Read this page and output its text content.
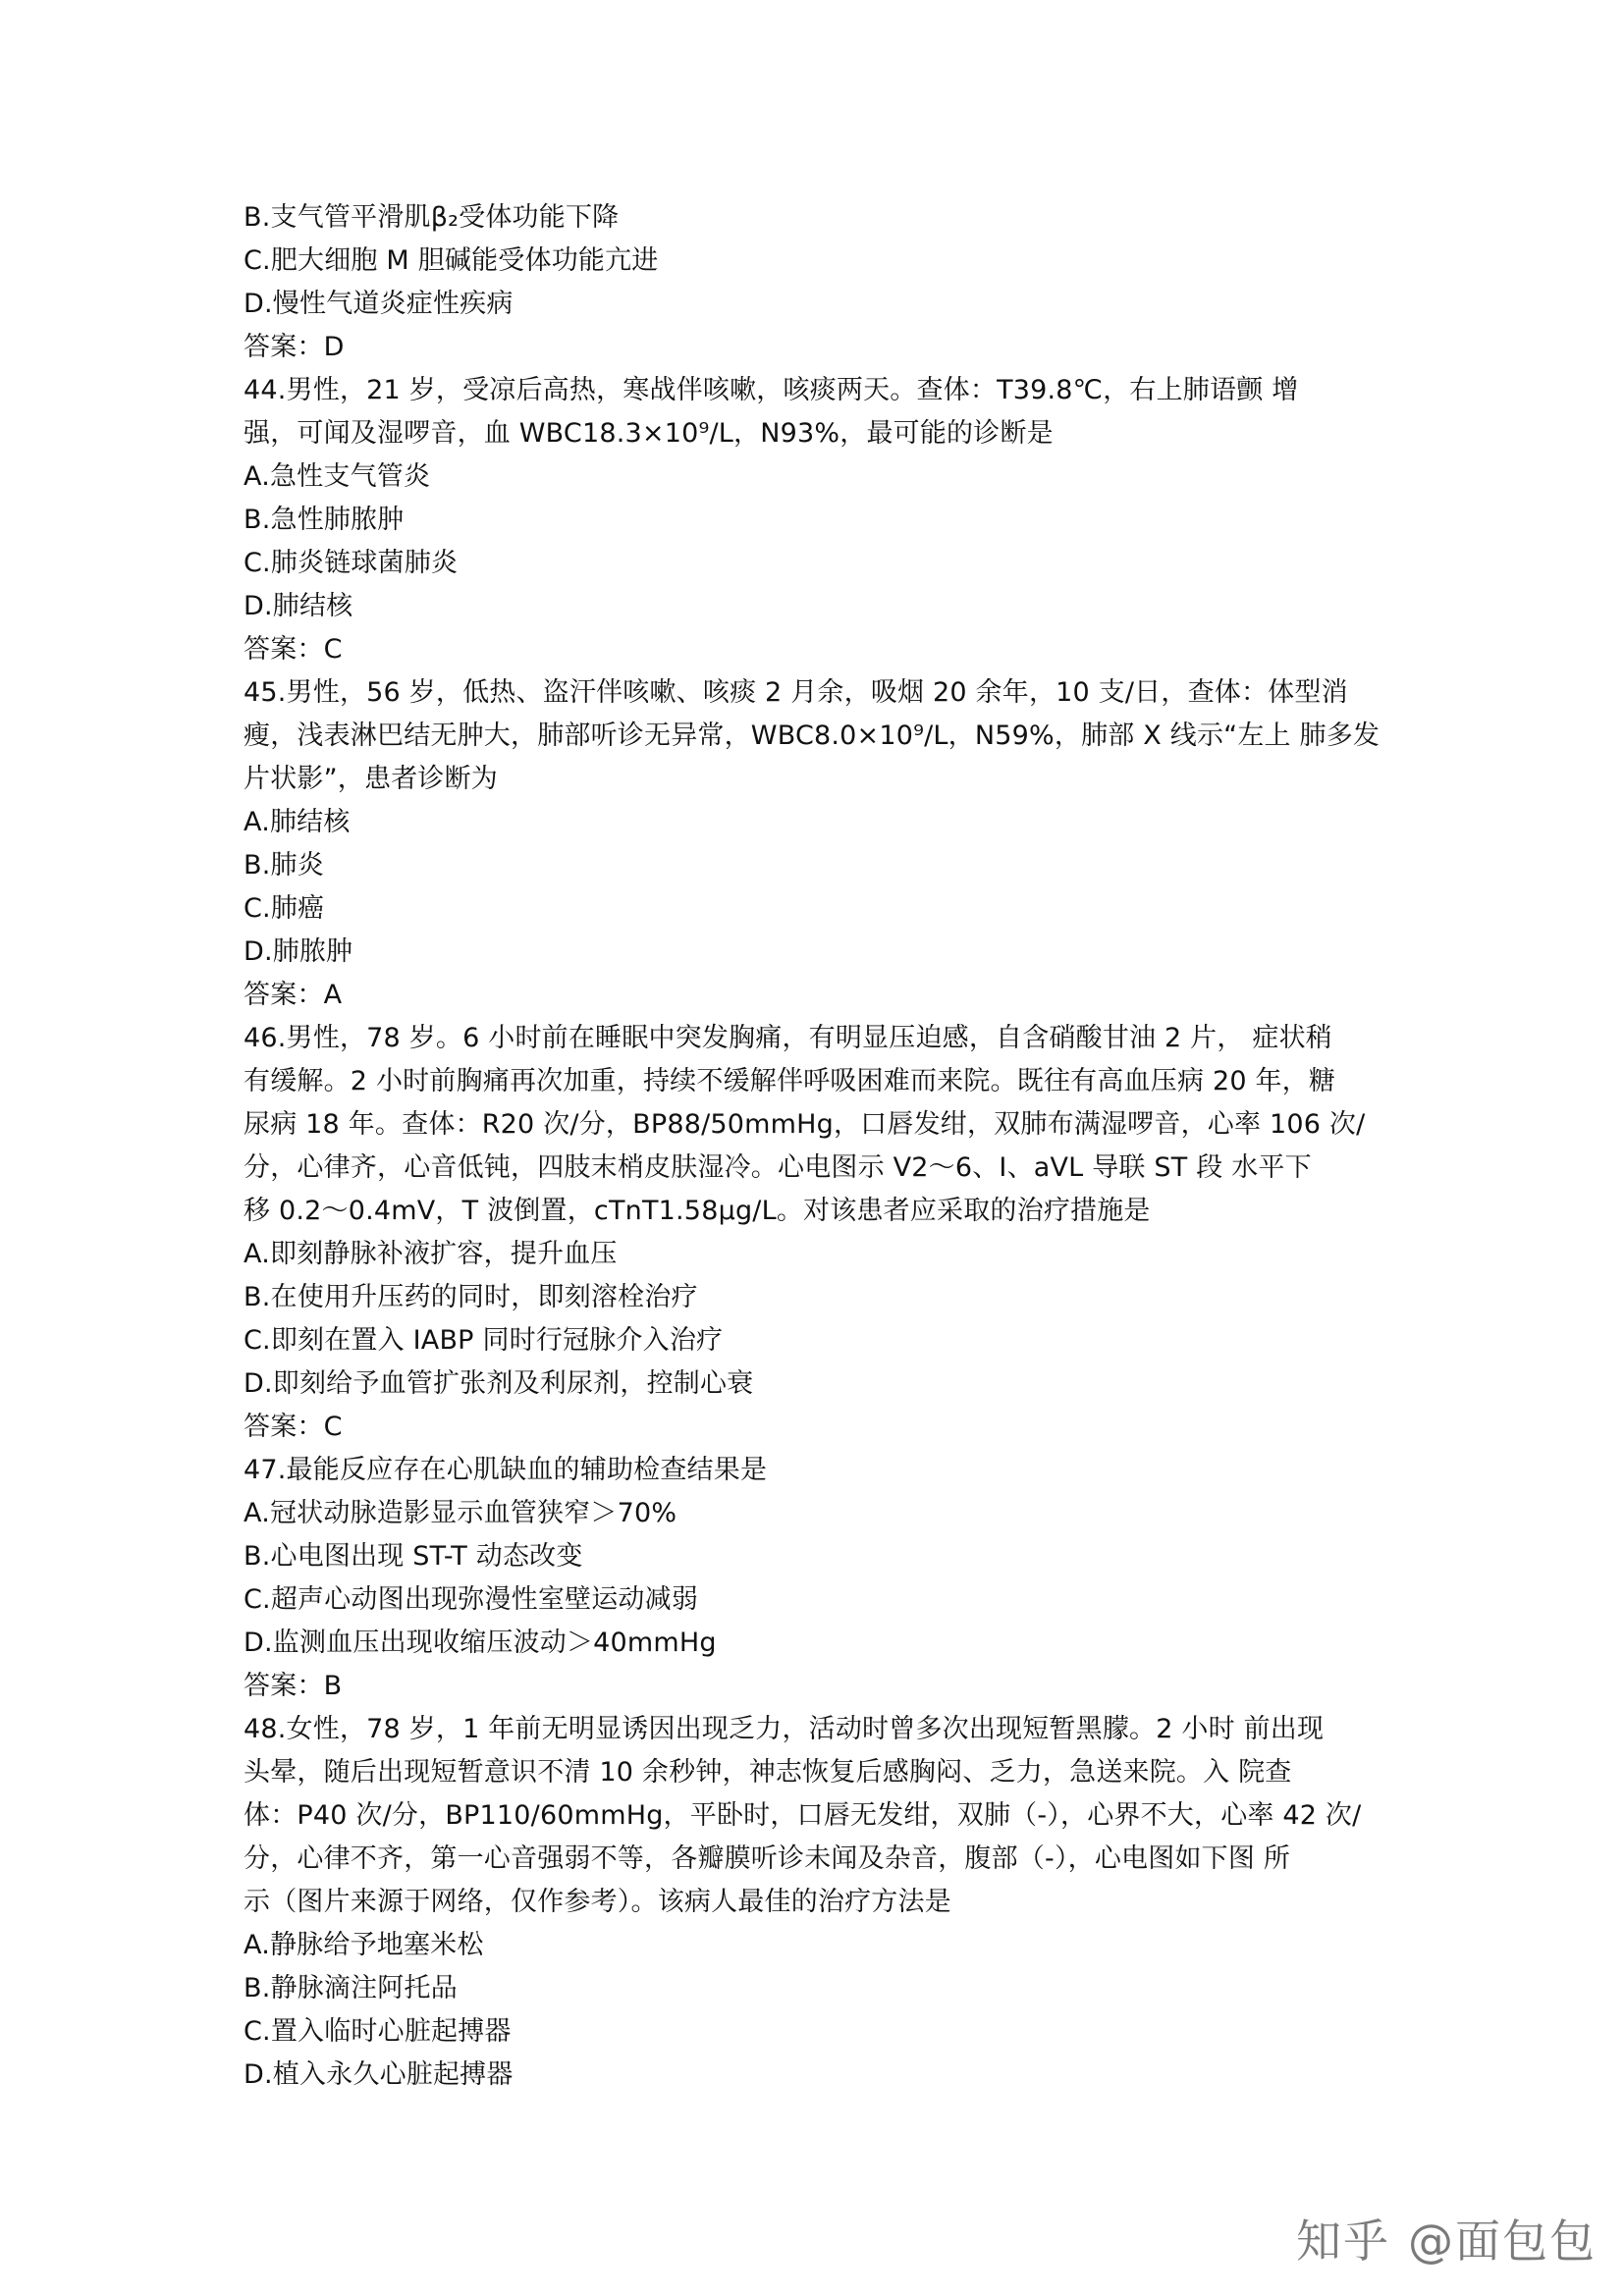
B.支气管平滑肌β₂受体功能下降
C.肥大细胞 M 胆碱能受体功能亢进
D.慢性气道炎症性疾病
答案：D
44.男性，21 岁，受凉后高热，寒战伴咳嗽，咳痰两天。查体：T39.8℃，右上肺语颤 增
强，可闻及湿啰音，血 WBC18.3×10⁹/L，N93%，最可能的诊断是
A.急性支气管炎
B.急性肺脓肿
C.肺炎链球菌肺炎
D.肺结核
答案：C
45.男性，56 岁，低热、盗汗伴咳嗽、咳痰 2 月余，吸烟 20 余年，10 支/日，查体：体型消
瘦，浅表淋巴结无肿大，肺部听诊无异常，WBC8.0×10⁹/L，N59%，肺部 X 线示“左上 肺多发
片状影”，患者诊断为
A.肺结核
B.肺炎
C.肺癌
D.肺脓肿
答案：A
46.男性，78 岁。6 小时前在睡眠中突发胸痛，有明显压迫感，自含硝酸甘油 2 片， 症状稍
有缓解。2 小时前胸痛再次加重，持续不缓解伴呼吸困难而来院。既往有高血压病 20 年，糖
尿病 18 年。查体：R20 次/分，BP88/50mmHg，口唇发绀，双肺布满湿啰音，心率 106 次/
分，心律齐，心音低钝，四肢末梢皮肤湿冷。心电图示 V2～6、Ⅰ、aVL 导联 ST 段 水平下
移 0.2～0.4mV，T 波倒置，cTnT1.58μg/L。对该患者应采取的治疗措施是
A.即刻静脉补液扩容，提升血压
B.在使用升压药的同时，即刻溶栓治疗
C.即刻在置入 IABP 同时行冠脉介入治疗
D.即刻给予血管扩张剂及利尿剂，控制心衰
答案：C
47.最能反应存在心肌缺血的辅助检查结果是
A.冠状动脉造影显示血管狭窄＞70%
B.心电图出现 ST-T 动态改变
C.超声心动图出现弥漫性室壁运动减弱
D.监测血压出现收缩压波动＞40mmHg
答案：B
48.女性，78 岁，1 年前无明显诱因出现乏力，活动时曾多次出现短暂黑朦。2 小时 前出现
头晕，随后出现短暂意识不清 10 余秒钟，神志恢复后感胸闷、乏力，急送来院。入 院查
体：P40 次/分，BP110/60mmHg，平卧时，口唇无发绀，双肺（-），心界不大，心率 42 次/
分，心律不齐，第一心音强弱不等，各瓣膜听诊未闻及杂音，腹部（-），心电图如下图 所
示（图片来源于网络，仅作参考）。该病人最佳的治疗方法是
A.静脉给予地塞米松
B.静脉滴注阿托品
C.置入临时心脏起搏器
D.植入永久心脏起搏器
知乎 @面包包
